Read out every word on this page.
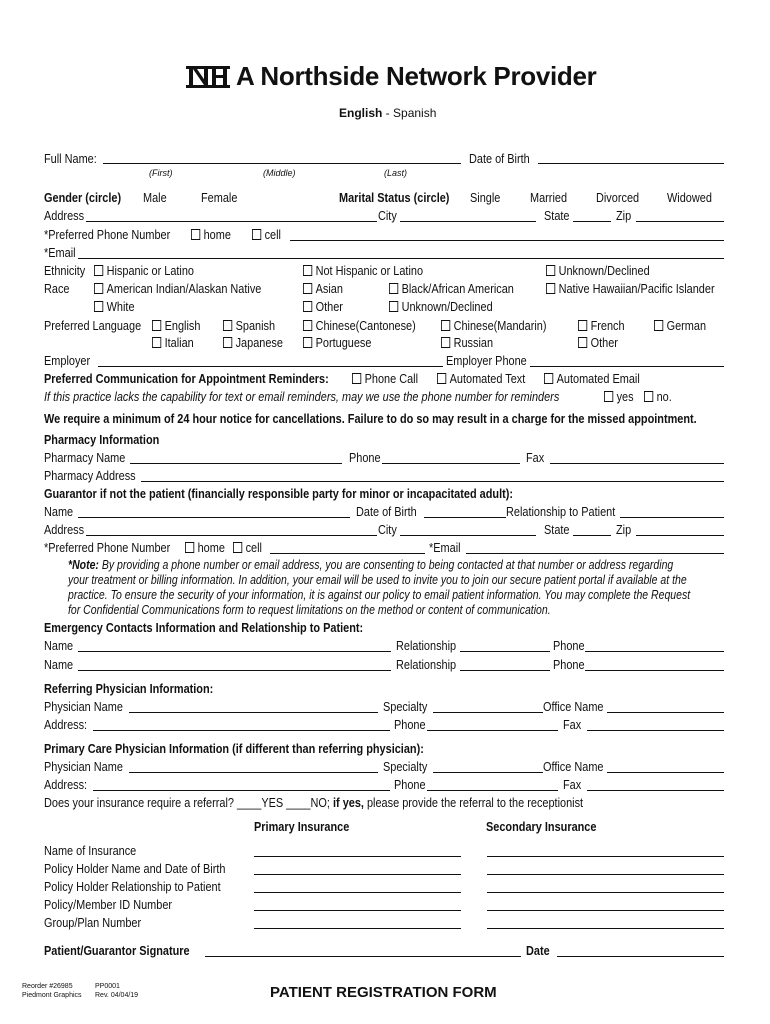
A Northside Network Provider
English - Spanish
Full Name:
(First)	(Middle)	(Last)
Date of Birth
Gender (circle) Male	Female	Marital Status (circle) Single Married Divorced Widowed
Address	City	State	Zip
*Preferred Phone Number	home	cell
*Email
Ethnicity	Hispanic or Latino	Not Hispanic or Latino	Unknown/Declined
Race	American Indian/Alaskan Native	Asian	Black/African American	Native Hawaiian/Pacific Islander
White	Other	Unknown/Declined
Preferred Language	English	Spanish	Chinese(Cantonese)	Chinese(Mandarin)	French	German
Italian	Japanese	Portuguese	Russian	Other
Employer	Employer Phone
Preferred Communication for Appointment Reminders:	Phone Call	Automated Text	Automated Email
If this practice lacks the capability for text or email reminders, may we use the phone number for reminders	yes	no.
We require a minimum of 24 hour notice for cancellations. Failure to do so may result in a charge for the missed appointment.
Pharmacy Information
Pharmacy Name	Phone	Fax
Pharmacy Address
Guarantor if not the patient (financially responsible party for minor or incapacitated adult):
Name	Date of Birth	Relationship to Patient
Address	City	State	Zip
*Preferred Phone Number	home	cell	*Email
*Note: By providing a phone number or email address, you are consenting to being contacted at that number or address regarding
your treatment or billing information. In addition, your email will be used to invite you to join our secure patient portal if available at the
practice. To ensure the security of your information, it is against our policy to email patient information. You may complete the Request
for Confidential Communications form to request limitations on the method or content of communication.
Emergency Contacts Information and Relationship to Patient:
Name	Relationship	Phone
Name	Relationship	Phone
Referring Physician Information:
Physician Name	Specialty	Office Name
Address:	Phone	Fax
Primary Care Physician Information (if different than referring physician):
Physician Name	Specialty	Office Name
Address:	Phone	Fax
Does your insurance require a referral? ____YES ____NO; if yes, please provide the referral to the receptionist
Primary Insurance	Secondary Insurance
Name of Insurance
Policy Holder Name and Date of Birth
Policy Holder Relationship to Patient
Policy/Member ID Number
Group/Plan Number
Patient/Guarantor Signature	Date
Reorder #26985	PP0001
Piedmont Graphics Rev. 04/04/19	PATIENT REGISTRATION FORM
